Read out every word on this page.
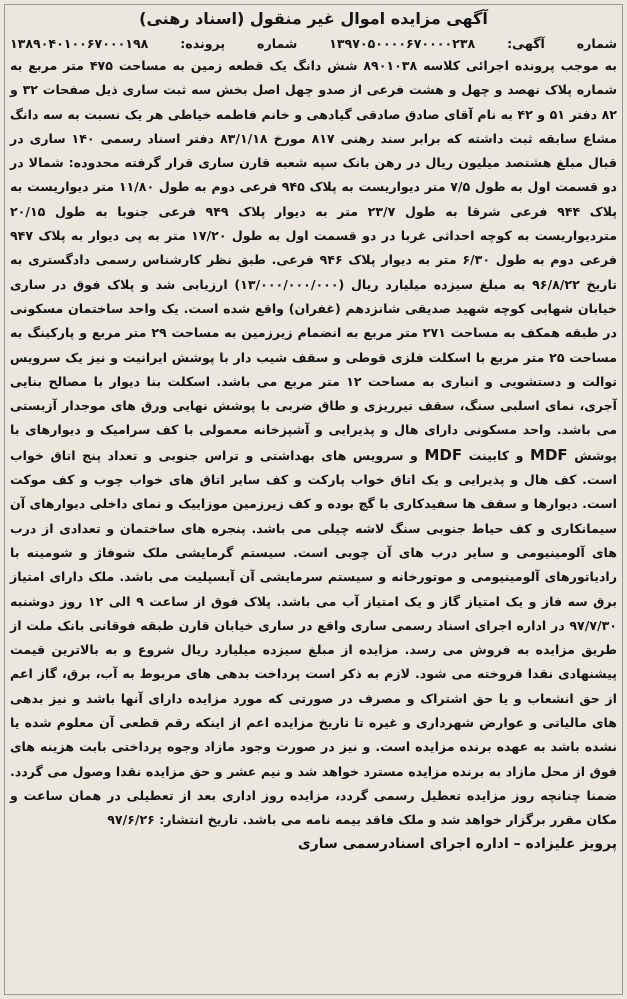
آگهی مزایده اموال غیر منقول (اسناد رهنی)
شماره آگهی: ۱۳۹۷۰۵۰۰۰۰۶۷۰۰۰۰۲۳۸ شماره پرونده: ۱۳۸۹۰۴۰۱۰۰۶۷۰۰۰۱۹۸

به موجب پرونده اجرائی کلاسه ۸۹۰۱۰۳۸ شش دانگ یک قطعه زمین به مساحت ۴۷۵ متر مربع به شماره پلاک نهصد و چهل و هشت فرعی از صدو چهل اصل بخش سه ثبت ساری ذیل صفحات ۳۲ و ۸۲ دفتر ۵۱ و ۴۲ به نام آقای صادق صادقی گیادهی و خانم فاطمه خیاطی هر یک نسبت به سه دانگ مشاع سابقه ثبت داشته که برابر سند رهنی ۸۱۷ مورخ ۸۳/۱/۱۸ دفتر اسناد رسمی ۱۴۰ ساری در قبال مبلغ هشتصد میلیون ریال در رهن بانک سپه شعبه قارن ساری قرار گرفته محدوده: شمالا در دو قسمت اول به طول ۷/۵ متر دیواریست به پلاک ۹۴۵ فرعی دوم به طول ۱۱/۸۰ متر دیواریست به پلاک ۹۴۴ فرعی شرقا به طول ۲۳/۷ متر به دیوار پلاک ۹۴۹ فرعی جنوبا به طول ۲۰/۱۵ متردیواریست به کوچه احداثی غربا در دو قسمت اول به طول ۱۷/۲۰ متر به پی دیوار به پلاک ۹۴۷ فرعی دوم به طول ۶/۳۰ متر به دیوار پلاک ۹۴۶ فرعی. طبق نظر کارشناس رسمی دادگستری به تاریخ ۹۶/۸/۲۲ به مبلغ سیزده میلیارد ریال (۱۳/۰۰۰/۰۰۰/۰۰۰) ارزیابی شد و پلاک فوق در ساری خیابان شهابی کوچه شهید صدیقی شانزدهم (غفران) واقع شده است. یک واحد ساختمان مسکونی در طبقه همکف به مساحت ۲۷۱ متر مربع به انضمام زیرزمین به مساحت ۲۹ متر مربع و پارکینگ به مساحت ۲۵ متر مربع با اسکلت فلزی قوطی و سقف شیب دار با پوشش ایرانیت و نیز یک سرویس توالت و دستشویی و انباری به مساحت ۱۲ متر مربع می باشد. اسکلت بنا دیوار با مصالح بنایی آجری، نمای اسلبی سنگ، سقف تیرریزی و طاق ضربی با پوشش نهایی ورق های موجدار آزبستی می باشد. واحد مسکونی دارای هال و پذیرایی و آشپزخانه معمولی با کف سرامیک و دیوارهای با پوشش MDF و کابینت MDF و سرویس های بهداشتی و تراس جنوبی و تعداد پنج اتاق خواب است. کف هال و پذیرایی و یک اتاق خواب پارکت و کف سایر اتاق های خواب چوب و کف موکت است. دیوارها و سقف ها سفیدکاری با گچ بوده و کف زیرزمین موزاییک و نمای داخلی دیوارهای آن سیمانکاری و کف حیاط جنوبی سنگ لاشه چیلی می باشد. پنجره های ساختمان و تعدادی از درب های آلومینیومی و سایر درب های آن چوبی است. سیستم گرمایشی ملک شوفاژ و شومینه با رادیاتورهای آلومینیومی و موتورخانه و سیستم سرمایشی آن آبسپلیت می باشد. ملک دارای امتیاز برق سه فاز و یک امتیاز گاز و یک امتیاز آب می باشد. پلاک فوق از ساعت ۹ الی ۱۲ روز دوشنبه ۹۷/۷/۳۰ در اداره اجرای اسناد رسمی ساری واقع در ساری خیابان قارن طبقه فوقانی بانک ملت از طریق مزایده به فروش می رسد. مزایده از مبلغ سیزده میلیارد ریال شروع و به بالاترین قیمت پیشنهادی نقدا فروخته می شود. لازم به ذکر است پرداخت بدهی های مربوط به آب، برق، گاز اعم از حق انشعاب و یا حق اشتراک و مصرف در صورتی که مورد مزایده دارای آنها باشد و نیز بدهی های مالیاتی و عوارض شهرداری و غیره تا تاریخ مزایده اعم از اینکه رقم قطعی آن معلوم شده یا نشده باشد به عهده برنده مزایده است. و نیز در صورت وجود مازاد وجوه پرداختی بابت هزینه های فوق از محل مازاد به برنده مزایده مسترد خواهد شد و نیم عشر و حق مزایده نقدا وصول می گردد. ضمنا چنانچه روز مزایده تعطیل رسمی گردد، مزایده روز اداری بعد از تعطیلی در همان ساعت و مکان مقرر برگزار خواهد شد و ملک فاقد بیمه نامه می باشد. تاریخ انتشار: ۹۷/۶/۲۶

پرویز علیزاده – اداره اجرای اسنادرسمی ساری
